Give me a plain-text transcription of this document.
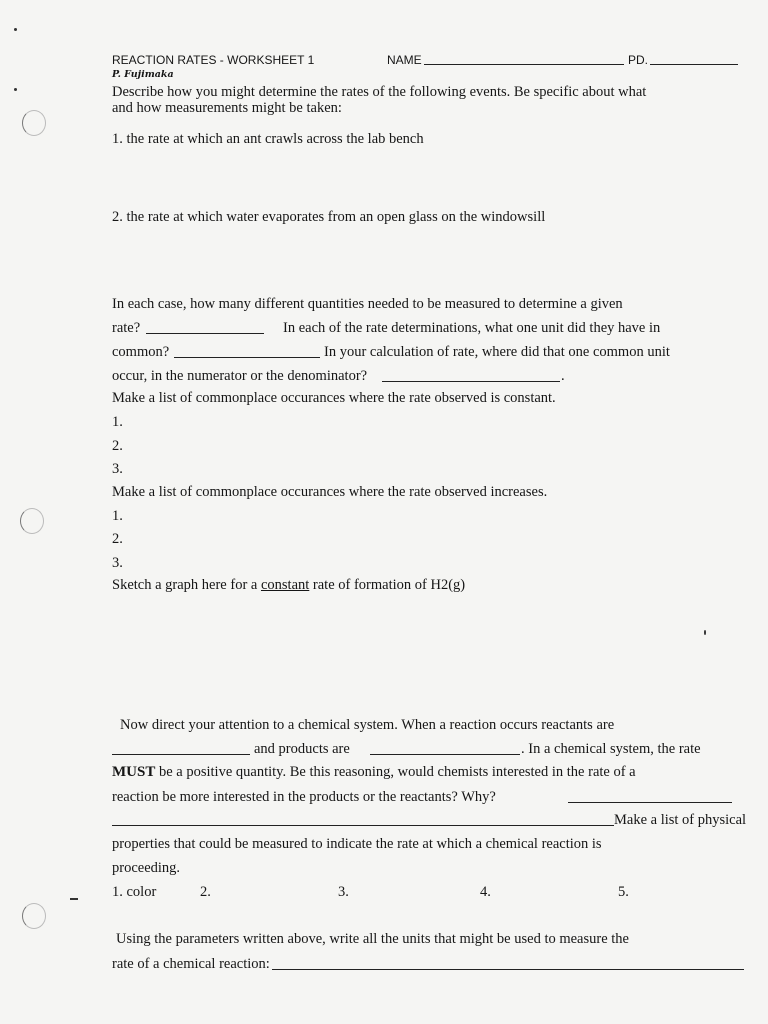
REACTION RATES - WORKSHEET 1	NAME	PD.
P. Fujimaka
Describe how you might determine the rates of the following events. Be specific about what
and how measurements might be taken:
1. the rate at which an ant crawls across the lab bench
2. the rate at which water evaporates from an open glass on the windowsill
In each case, how many different quantities needed to be measured to determine a given
rate?	In each of the rate determinations, what one unit did they have in
common?	In your calculation of rate, where did that one common unit
occur, in the numerator or the denominator?	.
Make a list of commonplace occurances where the rate observed is constant.
1.
2.
3.
Make a list of commonplace occurances where the rate observed increases.
1.
2.
3.
Sketch a graph here for a constant rate of formation of H2(g)
Now direct your attention to a chemical system. When a reaction occurs reactants are
and products are	. In a chemical system, the rate
MUST be a positive quantity. Be this reasoning, would chemists interested in the rate of a
reaction be more interested in the products or the reactants? Why?
Make a list of physical
properties that could be measured to indicate the rate at which a chemical reaction is
proceeding.
1. color	2.	3.	4.	5.
Using the parameters written above, write all the units that might be used to measure the
rate of a chemical reaction:
